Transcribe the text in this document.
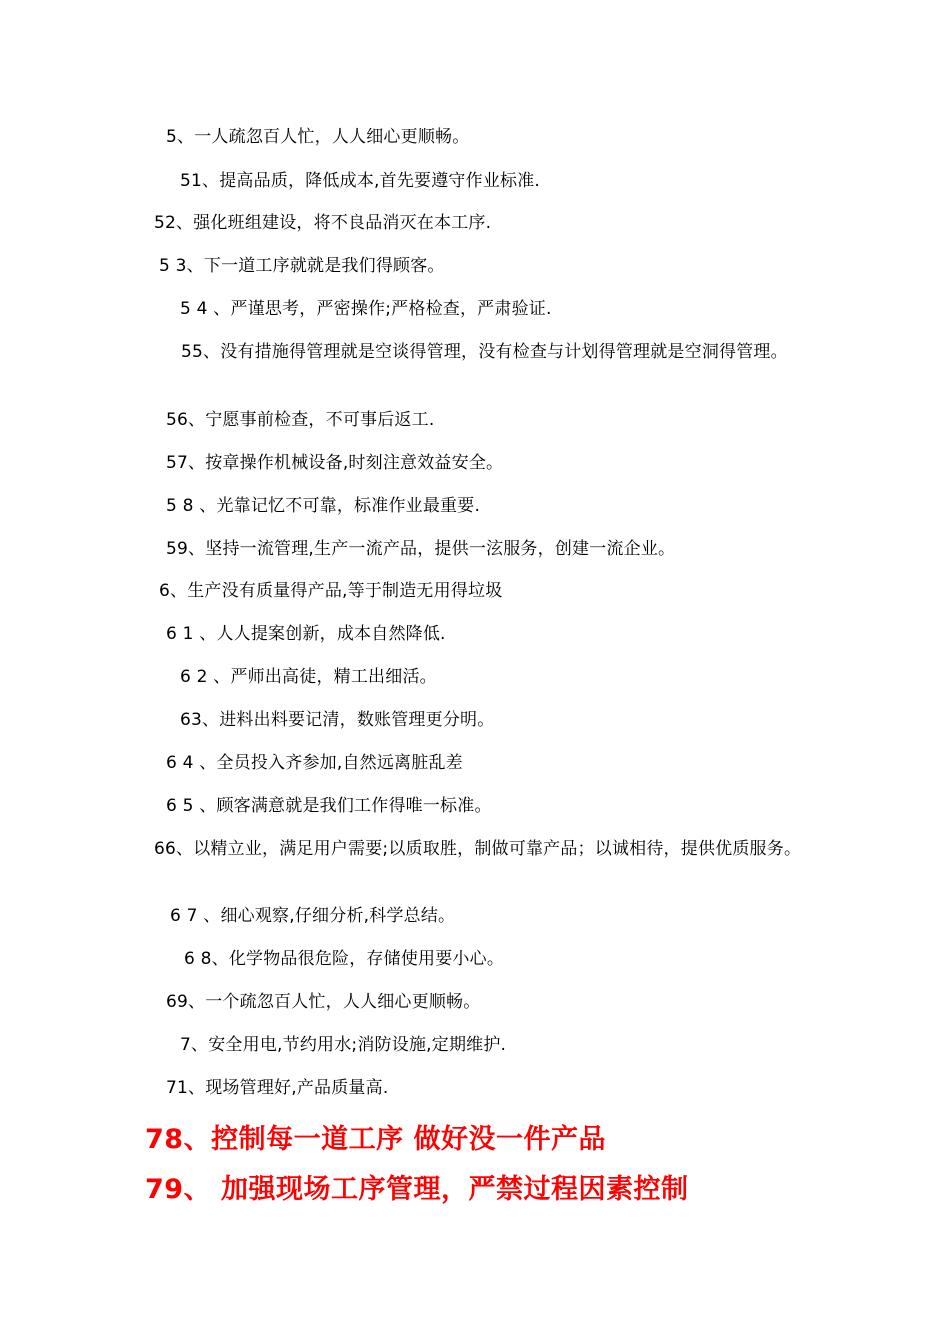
5、一人疏忽百人忙，人人细心更顺畅。
51、提高品质，降低成本,首先要遵守作业标准.
52、强化班组建设，将不良品消灭在本工序.
5 3、下一道工序就就是我们得顾客。
5 4 、严谨思考，严密操作;严格检查，严肃验证.
55、没有措施得管理就是空谈得管理，没有检查与计划得管理就是空洞得管理。
56、宁愿事前检查，不可事后返工.
57、按章操作机械设备,时刻注意效益安全。
5 8 、光靠记忆不可靠，标准作业最重要.
59、坚持一流管理,生产一流产品，提供一泫服务，创建一流企业。
6、生产没有质量得产品,等于制造无用得垃圾
6 1 、人人提案创新，成本自然降低.
6 2 、严师出高徒，精工出细活。
63、进料出料要记清，数账管理更分明。
6 4 、全员投入齐参加,自然远离脏乱差
6 5 、顾客满意就是我们工作得唯一标准。
66、以精立业，满足用户需要;以质取胜，制做可靠产品；以诚相待，提供优质服务。
6 7 、细心观察,仔细分析,科学总结。
6 8、化学物品很危险，存储使用要小心。
69、一个疏忽百人忙，人人细心更顺畅。
7、安全用电,节约用水;消防设施,定期维护.
71、现场管理好,产品质量高.
78、控制每一道工序 做好没一件产品
79、 加强现场工序管理，严禁过程因素控制
